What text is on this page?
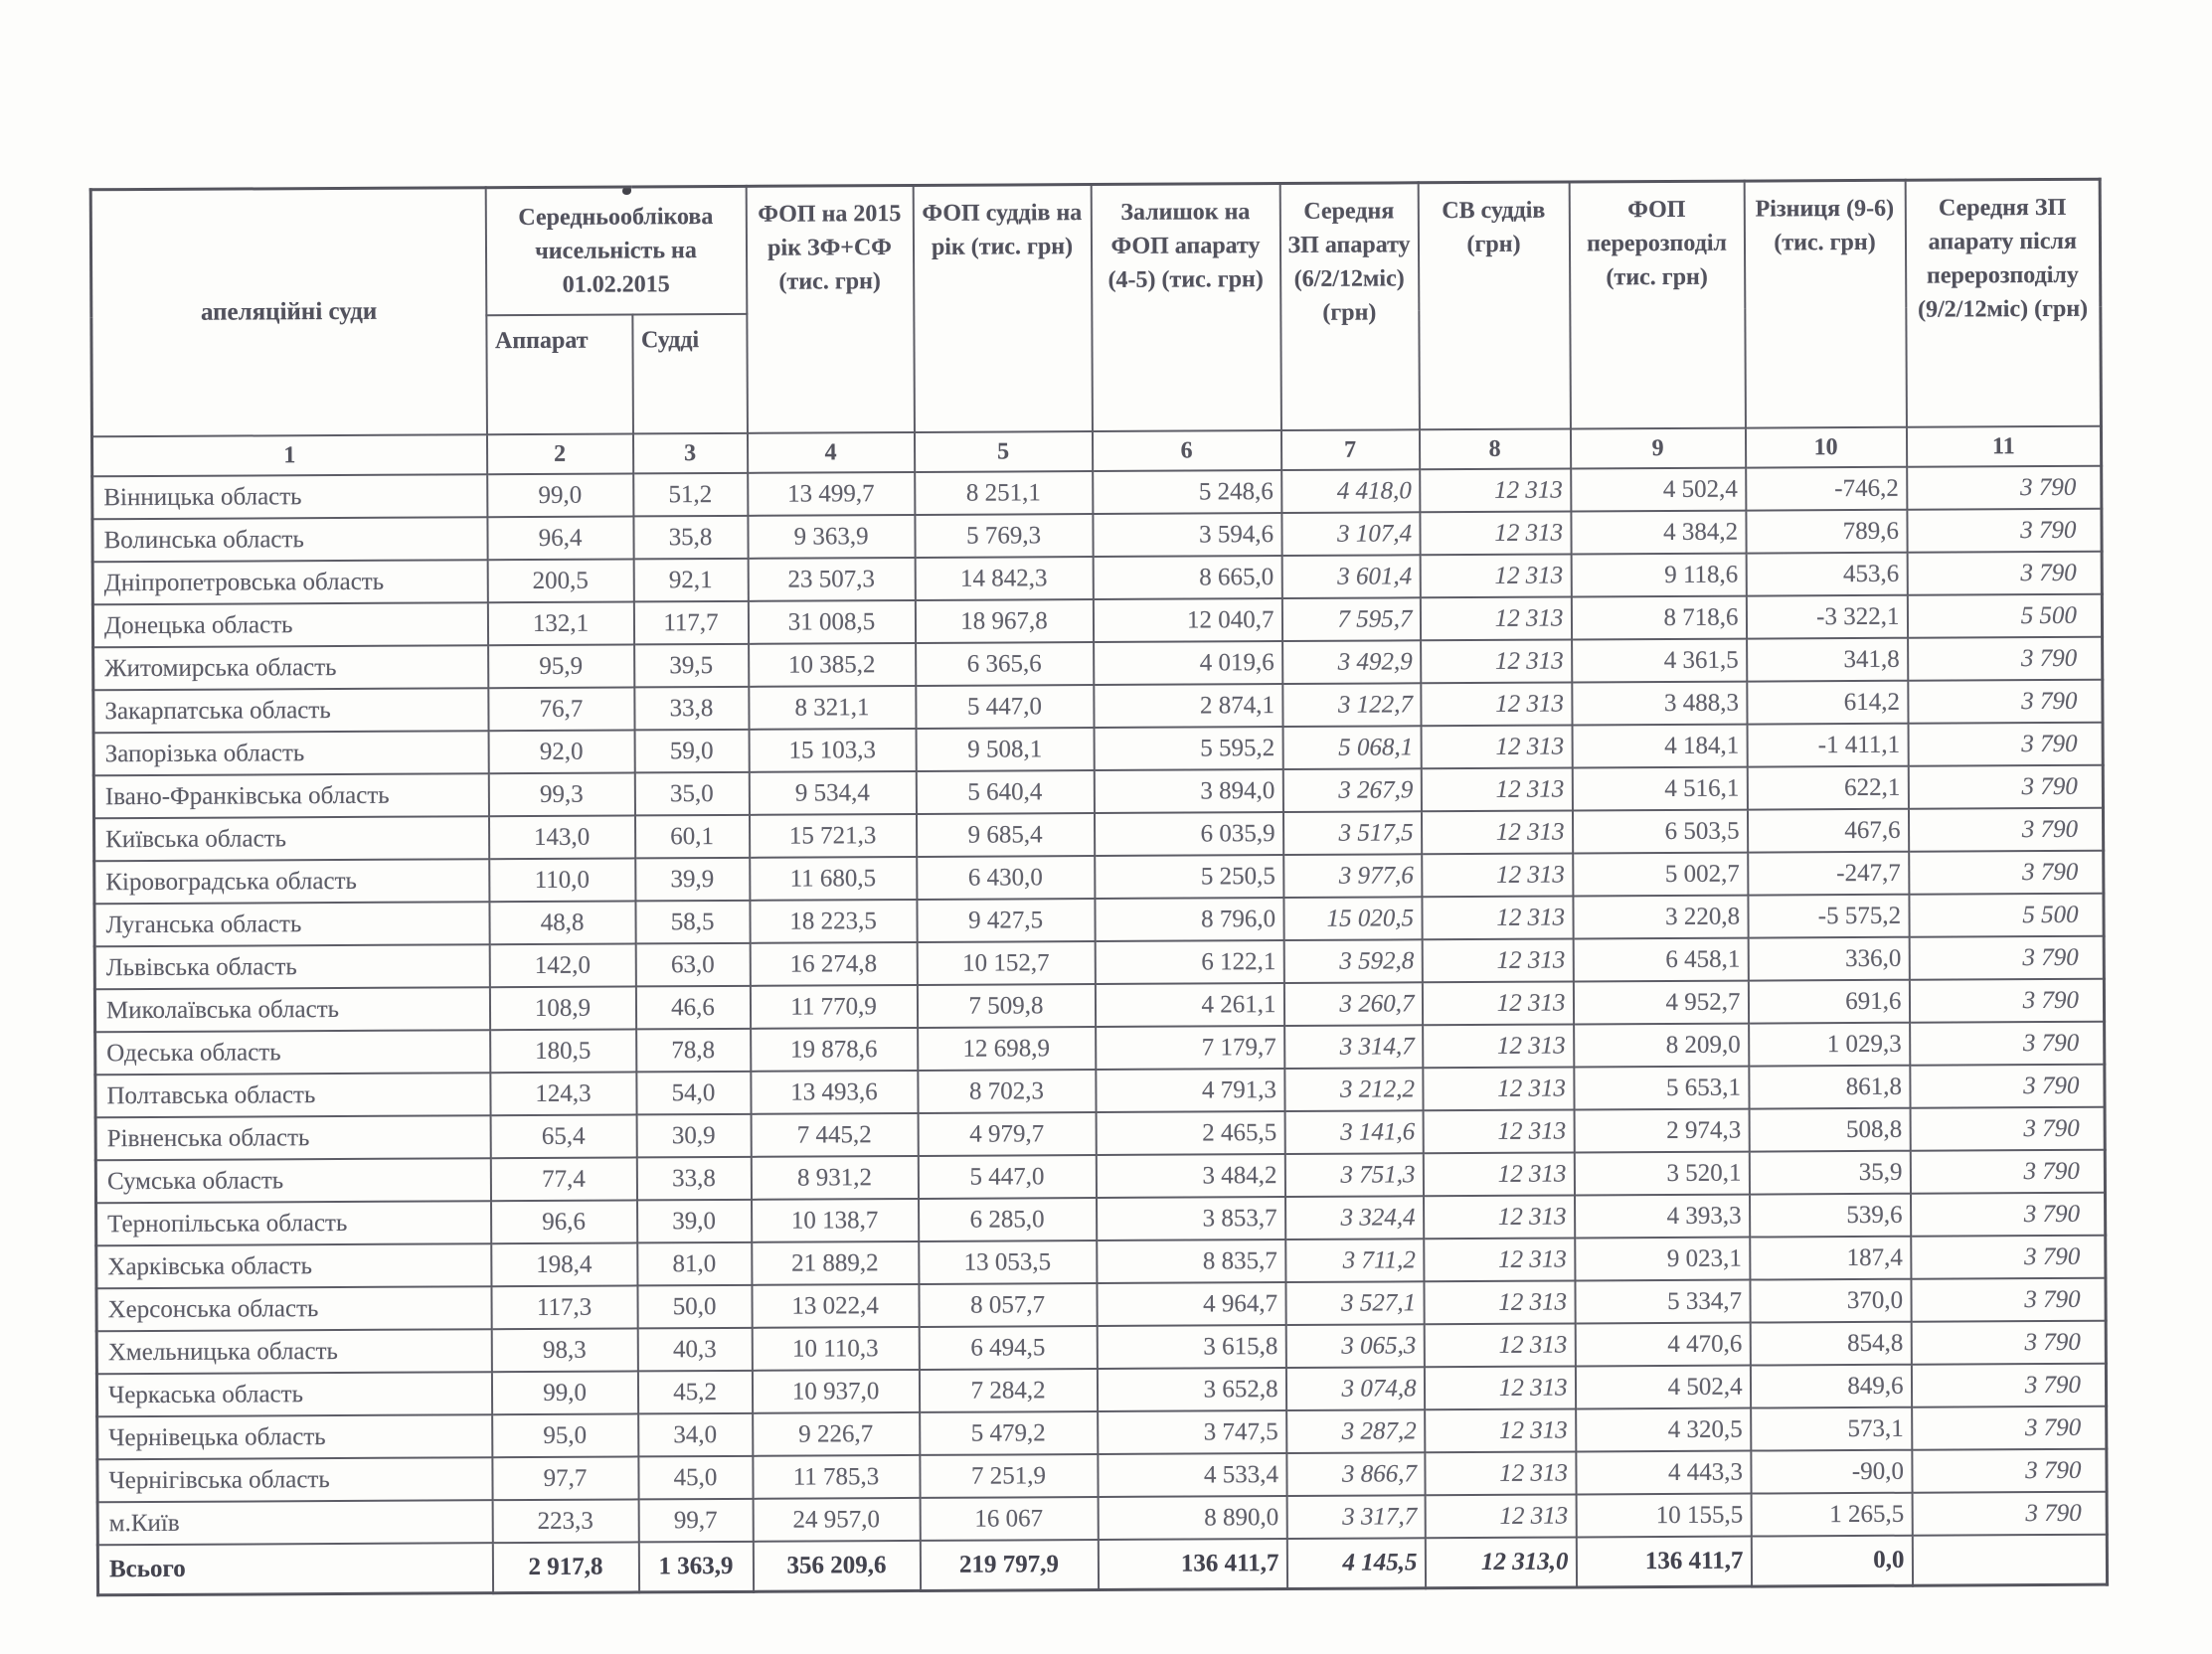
апеляційні суди	Середньооблікова чисельність на 01.02.2015		ФОП на 2015 рік ЗФ+СФ (тис. грн)	ФОП суддів на рік (тис. грн)	Залишок на ФОП апарату (4-5) (тис. грн)	Середня ЗП апарату (6/2/12міс) (грн)	СВ суддів (грн)	ФОП перерозподіл (тис. грн)	Різниця (9-6) (тис. грн)	Середня ЗП апарату після перерозподілу (9/2/12міс) (грн)
	Аппарат	Судді								
1	2	3	4	5	6	7	8	9	10	11
Вінницька область	99,0	51,2	13 499,7	8 251,1	5 248,6	4 418,0	12 313	4 502,4	-746,2	3 790
Волинська область	96,4	35,8	9 363,9	5 769,3	3 594,6	3 107,4	12 313	4 384,2	789,6	3 790
Дніпропетровська область	200,5	92,1	23 507,3	14 842,3	8 665,0	3 601,4	12 313	9 118,6	453,6	3 790
Донецька область	132,1	117,7	31 008,5	18 967,8	12 040,7	7 595,7	12 313	8 718,6	-3 322,1	5 500
Житомирська область	95,9	39,5	10 385,2	6 365,6	4 019,6	3 492,9	12 313	4 361,5	341,8	3 790
Закарпатська область	76,7	33,8	8 321,1	5 447,0	2 874,1	3 122,7	12 313	3 488,3	614,2	3 790
Запорізька область	92,0	59,0	15 103,3	9 508,1	5 595,2	5 068,1	12 313	4 184,1	-1 411,1	3 790
Івано-Франківська область	99,3	35,0	9 534,4	5 640,4	3 894,0	3 267,9	12 313	4 516,1	622,1	3 790
Київська область	143,0	60,1	15 721,3	9 685,4	6 035,9	3 517,5	12 313	6 503,5	467,6	3 790
Кіровоградська область	110,0	39,9	11 680,5	6 430,0	5 250,5	3 977,6	12 313	5 002,7	-247,7	3 790
Луганська область	48,8	58,5	18 223,5	9 427,5	8 796,0	15 020,5	12 313	3 220,8	-5 575,2	5 500
Львівська область	142,0	63,0	16 274,8	10 152,7	6 122,1	3 592,8	12 313	6 458,1	336,0	3 790
Миколаївська область	108,9	46,6	11 770,9	7 509,8	4 261,1	3 260,7	12 313	4 952,7	691,6	3 790
Одеська область	180,5	78,8	19 878,6	12 698,9	7 179,7	3 314,7	12 313	8 209,0	1 029,3	3 790
Полтавська область	124,3	54,0	13 493,6	8 702,3	4 791,3	3 212,2	12 313	5 653,1	861,8	3 790
Рівненська область	65,4	30,9	7 445,2	4 979,7	2 465,5	3 141,6	12 313	2 974,3	508,8	3 790
Сумська область	77,4	33,8	8 931,2	5 447,0	3 484,2	3 751,3	12 313	3 520,1	35,9	3 790
Тернопільська область	96,6	39,0	10 138,7	6 285,0	3 853,7	3 324,4	12 313	4 393,3	539,6	3 790
Харківська область	198,4	81,0	21 889,2	13 053,5	8 835,7	3 711,2	12 313	9 023,1	187,4	3 790
Херсонська область	117,3	50,0	13 022,4	8 057,7	4 964,7	3 527,1	12 313	5 334,7	370,0	3 790
Хмельницька область	98,3	40,3	10 110,3	6 494,5	3 615,8	3 065,3	12 313	4 470,6	854,8	3 790
Черкаська область	99,0	45,2	10 937,0	7 284,2	3 652,8	3 074,8	12 313	4 502,4	849,6	3 790
Чернівецька область	95,0	34,0	9 226,7	5 479,2	3 747,5	3 287,2	12 313	4 320,5	573,1	3 790
Чернігівська область	97,7	45,0	11 785,3	7 251,9	4 533,4	3 866,7	12 313	4 443,3	-90,0	3 790
м.Київ	223,3	99,7	24 957,0	16 067	8 890,0	3 317,7	12 313	10 155,5	1 265,5	3 790
Всього	2 917,8	1 363,9	356 209,6	219 797,9	136 411,7	4 145,5	12 313,0	136 411,7	0,0	
